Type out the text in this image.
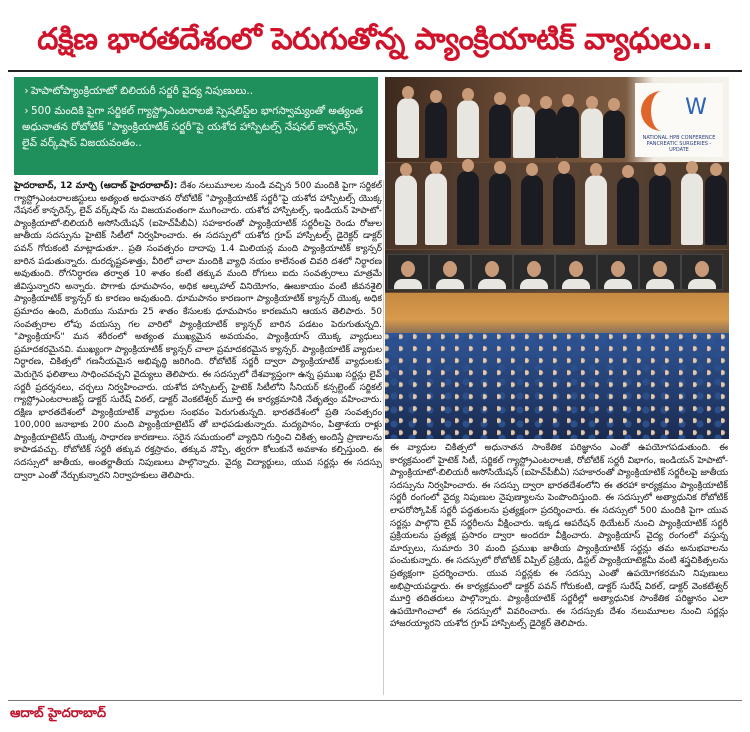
దక్షిణ భారతదేశంలో పెరుగుతోన్న ప్యాంక్రియాటిక్ వ్యాధులు..

› హెపాటోప్యాంక్రియాటో బిలియరీ సర్జరీ వైద్య నిపుణులు..

› 500 మందికి పైగా సర్జికల్ గ్యాస్ట్రోఎంటరాలజీ స్పెషలిస్ట్‌ల భాగస్వామ్యంతో అత్యంత అధునాతన రోబోటిక్ "ప్యాంక్రియాటిక్ సర్జరీ"పై యశోద హాస్పిటల్స్ నేషనల్ కాన్ఫరెన్స్, లైవ్ వర్క్‌షాప్ విజయవంతం..

హైదరాబాద్, 12 మార్చి (ఆదాబ్ హైదరాబాద్): దేశం నలుమూలల నుండి వచ్చిన 500 మందికి పైగా సర్జికల్ గ్యాస్ట్రోఎంటరాలజిస్టులు అత్యంత అధునాతన రోబోటిక్ "ప్యాంక్రియాటిక్ సర్జరీ"పై యశోద హాస్పిటల్స్ యొక్క నేషనల్ కాన్ఫరెన్స్, లైవ్ వర్క్‌షాప్ ను విజయవంతంగా ముగించారు. యశోద హాస్పిటల్స్, ఇండియన్ హెపాటో-ప్యాంక్రియాటో-బిలియరీ అసోసియేషన్ (ఐహెచ్‌పీబీఏ) సహకారంతో ప్యాంక్రియాటిక్ సర్జరీలపై రెండు రోజుల జాతీయ సదస్సును హైటెక్ సిటీలో నిర్వహించారు. ఈ సదస్సులో యశోద గ్రూప్ హాస్పిటల్స్ డైరెక్టర్ డాక్టర్ పవన్ గోరుకంటి మాట్లాడుతూ.. ప్రతి సంవత్సరం దాదాపు 1.4 మిలియన్ల మంది ప్యాంక్రియాటిక్ క్యాన్సర్ బారిన పడుతున్నారు. దురదృష్టవశాత్తు, వీరిలో చాలా మందికి వ్యాధి నయం కాలేనంత చివరి దశలో నిర్ధారణ అవుతుంది. రోగనిర్ధారణ తర్వాత 10 శాతం కంటే తక్కువ మంది రోగులు ఐదు సంవత్సరాలు మాత్రమే జీవిస్తున్నారని అన్నారు. పొగాకు ధూమపానం, అధిక ఆల్కహాల్ వినియోగం, ఊబకాయం వంటి జీవనశైలి ప్యాంక్రియాటిక్ క్యాన్సర్ కు కారణం అవుతుంది. ధూమపానం కారణంగా ప్యాంక్రియాటిక్ క్యాన్సర్ యొక్క అధిక ప్రమాదం ఉంది, మరియు సుమారు 25 శాతం కేసులకు ధూమపానం కారణమని ఆయన తెలిపారు. 50 సంవత్సరాల లోపు వయస్సు గల వారిలో ప్యాంక్రియాటిక్ క్యాన్సర్ బారిన పడటం పెరుగుతున్నది. "ప్యాంక్రియాస్" మన శరీరంలో అత్యంత ముఖ్యమైన అవయవం, ప్యాంక్రియాస్ యొక్క వ్యాధులు ప్రమాదకరమైనవి. ముఖ్యంగా ప్యాంక్రియాటిక్ క్యాన్సర్ చాలా ప్రమాదకరమైన క్యాన్సర్. ప్యాంక్రియాటిక్ వ్యాధుల నిర్ధారణ, చికిత్సలో గణనీయమైన అభివృద్ధి జరిగింది. రోబోటిక్ సర్జరీ ద్వారా ప్యాంక్రియాటిక్ వ్యాధులకు మెరుగైన ఫలితాలు సాధించవచ్చని వైద్యులు తెలిపారు. ఈ సదస్సులో దేశవ్యాప్తంగా ఉన్న ప్రముఖ సర్జన్లు లైవ్ సర్జరీ ప్రదర్శనలు, చర్చలు నిర్వహించారు. యశోద హాస్పిటల్స్ హైటెక్ సిటీలోని సీనియర్ కన్సల్టెంట్ సర్జికల్ గ్యాస్ట్రోఎంటరాలజిస్ట్ డాక్టర్ సురేష్ విఠల్, డాక్టర్ వెంకటేశ్వర్ మూర్తి ఈ కార్యక్రమానికి నేతృత్వం వహించారు. దక్షిణ భారతదేశంలో ప్యాంక్రియాటిక్ వ్యాధుల సంభవం పెరుగుతున్నది. భారతదేశంలో ప్రతి సంవత్సరం 100,000 జనాభాకు 200 మంది ప్యాంక్రియాటైటిస్ తో బాధపడుతున్నారు. మద్యపానం, పిత్తాశయ రాళ్లు ప్యాంక్రియాటైటిస్ యొక్క సాధారణ కారణాలు. సరైన సమయంలో వ్యాధిని గుర్తించి చికిత్స అందిస్తే ప్రాణాలను కాపాడవచ్చు. రోబోటిక్ సర్జరీ తక్కువ రక్తస్రావం, తక్కువ నొప్పి, త్వరగా కోలుకునే అవకాశం కల్పిస్తుంది. ఈ సదస్సులో జాతీయ, అంతర్జాతీయ నిపుణులు పాల్గొన్నారు. వైద్య విద్యార్థులు, యువ సర్జన్లు ఈ సదస్సు ద్వారా ఎంతో నేర్చుకున్నారని నిర్వాహకులు తెలిపారు.
W
NATIONAL HPB CONFERENCE PANCREATIC SURGERIES - UPDATE
ఈ వ్యాధుల చికిత్సలో అధునాతన సాంకేతిక పరిజ్ఞానం ఎంతో ఉపయోగపడుతుంది. ఈ కార్యక్రమంలో హైటెక్ సిటీ, సర్జికల్ గ్యాస్ట్రోఎంటరాలజీ, రోబోటిక్ సర్జరీ విభాగం, ఇండియన్ హెపాటో-ప్యాంక్రియాటో-బిలియరీ అసోసియేషన్ (ఐహెచ్‌పీబీఏ) సహకారంతో ప్యాంక్రియాటిక్ సర్జరీలపై జాతీయ సదస్సును నిర్వహించారు. ఈ సదస్సు ద్వారా భారతదేశంలోని ఈ తరహా కార్యక్రమం ప్యాంక్రియాటిక్ సర్జరీ రంగంలో వైద్య నిపుణుల నైపుణ్యాలను పెంపొందిస్తుంది. ఈ సదస్సులో అత్యాధునిక రోబోటిక్ లాపరోస్కోపిక్ సర్జరీ పద్ధతులను ప్రత్యక్షంగా ప్రదర్శించారు. ఈ సదస్సులో 500 మందికి పైగా యువ సర్జన్లు పాల్గొని లైవ్ సర్జరీలను వీక్షించారు. ఇక్కడ ఆపరేషన్ థియేటర్ నుంచి ప్యాంక్రియాటిక్ సర్జరీ ప్రక్రియలను ప్రత్యక్ష ప్రసారం ద్వారా అందరూ వీక్షించారు. ప్యాంక్రియాస్ వైద్య రంగంలో వస్తున్న మార్పులు, సుమారు 30 మంది ప్రముఖ జాతీయ ప్యాంక్రియాటిక్ సర్జన్లు తమ అనుభవాలను పంచుకున్నారు. ఈ సదస్సులో రోబోటిక్ విప్పిల్ ప్రక్రియ, డిస్టల్ ప్యాంక్రియాటెక్టమీ వంటి శస్త్రచికిత్సలను ప్రత్యక్షంగా ప్రదర్శించారు. యువ సర్జన్లకు ఈ సదస్సు ఎంతో ఉపయోగకరమని నిపుణులు అభిప్రాయపడ్డారు. ఈ కార్యక్రమంలో డాక్టర్ పవన్ గోరుకంటి, డాక్టర్ సురేష్ విఠల్, డాక్టర్ వెంకటేశ్వర్ మూర్తి తదితరులు పాల్గొన్నారు. ప్యాంక్రియాటిక్ సర్జరీల్లో అత్యాధునిక సాంకేతిక పరిజ్ఞానం ఎలా ఉపయోగించాలో ఈ సదస్సులో వివరించారు. ఈ సదస్సుకు దేశం నలుమూలల నుంచి సర్జన్లు హాజరయ్యారని యశోద గ్రూప్ హాస్పిటల్స్ డైరెక్టర్ తెలిపారు.
ఆదాబ్ హైదరాబాద్
